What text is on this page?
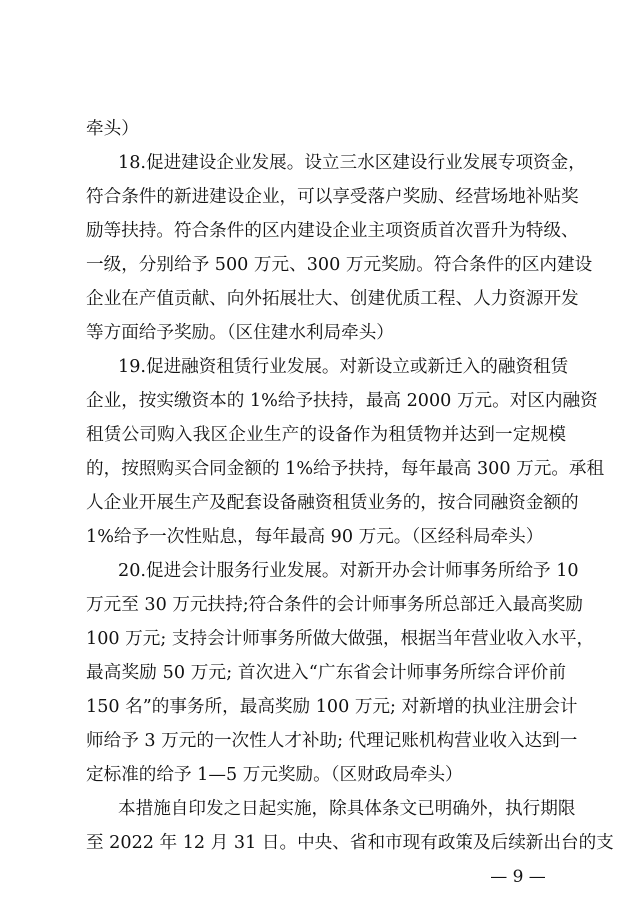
牵头）
18.促进建设企业发展。设立三水区建设行业发展专项资金，
符合条件的新进建设企业，可以享受落户奖励、经营场地补贴奖
励等扶持。符合条件的区内建设企业主项资质首次晋升为特级、
一级，分别给予 500 万元、300 万元奖励。符合条件的区内建设
企业在产值贡献、向外拓展壮大、创建优质工程、人力资源开发
等方面给予奖励。（区住建水利局牵头）
19.促进融资租赁行业发展。对新设立或新迁入的融资租赁
企业，按实缴资本的 1%给予扶持，最高 2000 万元。对区内融资
租赁公司购入我区企业生产的设备作为租赁物并达到一定规模
的，按照购买合同金额的 1%给予扶持，每年最高 300 万元。承租
人企业开展生产及配套设备融资租赁业务的，按合同融资金额的
1%给予一次性贴息，每年最高 90 万元。（区经科局牵头）
20.促进会计服务行业发展。对新开办会计师事务所给予 10
万元至 30 万元扶持;符合条件的会计师事务所总部迁入最高奖励
100 万元; 支持会计师事务所做大做强，根据当年营业收入水平，
最高奖励 50 万元; 首次进入“广东省会计师事务所综合评价前
150 名”的事务所，最高奖励 100 万元; 对新增的执业注册会计
师给予 3 万元的一次性人才补助; 代理记账机构营业收入达到一
定标准的给予 1—5 万元奖励。（区财政局牵头）
本措施自印发之日起实施，除具体条文已明确外，执行期限
至 2022 年 12 月 31 日。中央、省和市现有政策及后续新出台的支
— 9 —
